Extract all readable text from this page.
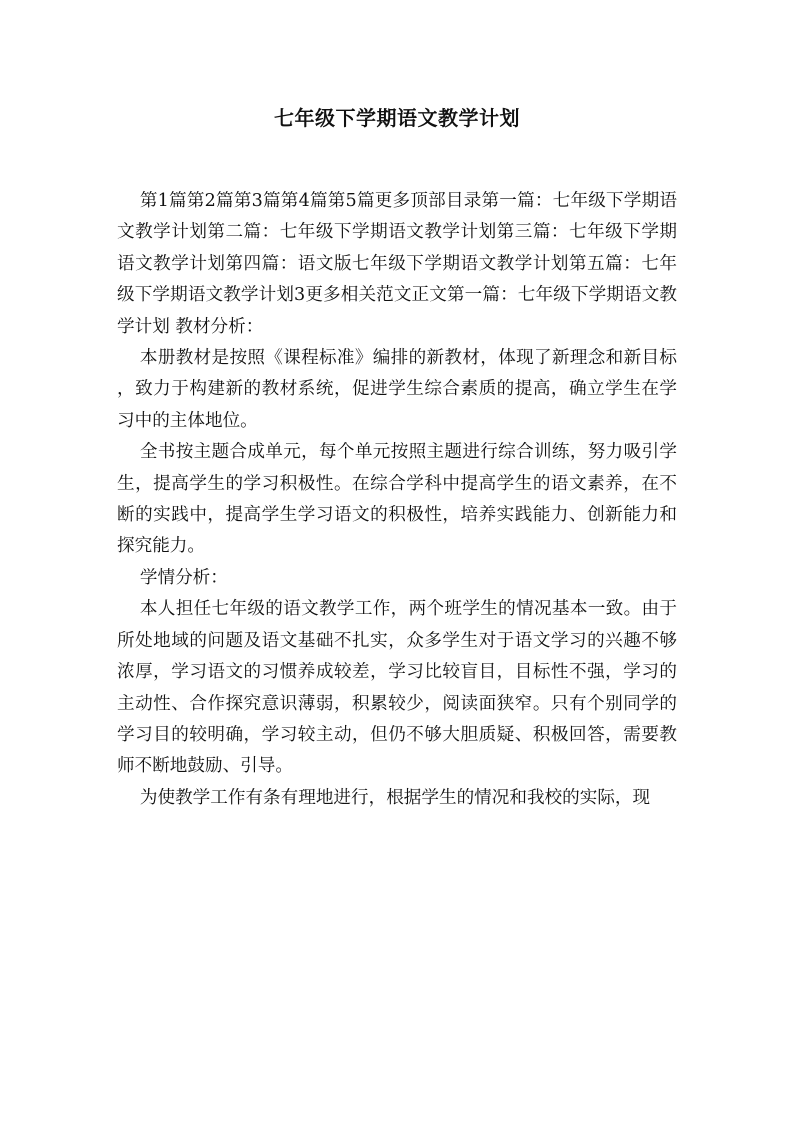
七年级下学期语文教学计划

第1篇第2篇第3篇第4篇第5篇更多顶部目录第一篇：七年级下学期语文教学计划第二篇：七年级下学期语文教学计划第三篇：七年级下学期语文教学计划第四篇：语文版七年级下学期语文教学计划第五篇：七年级下学期语文教学计划3更多相关范文正文第一篇：七年级下学期语文教学计划 教材分析：

本册教材是按照《课程标准》编排的新教材，体现了新理念和新目标，致力于构建新的教材系统，促进学生综合素质的提高，确立学生在学习中的主体地位。

全书按主题合成单元，每个单元按照主题进行综合训练，努力吸引学生，提高学生的学习积极性。在综合学科中提高学生的语文素养，在不断的实践中，提高学生学习语文的积极性，培养实践能力、创新能力和探究能力。

学情分析：

本人担任七年级的语文教学工作，两个班学生的情况基本一致。由于所处地域的问题及语文基础不扎实，众多学生对于语文学习的兴趣不够浓厚，学习语文的习惯养成较差，学习比较盲目，目标性不强，学习的主动性、合作探究意识薄弱，积累较少，阅读面狭窄。只有个别同学的学习目的较明确，学习较主动，但仍不够大胆质疑、积极回答，需要教师不断地鼓励、引导。

为使教学工作有条有理地进行，根据学生的情况和我校的实际，现
